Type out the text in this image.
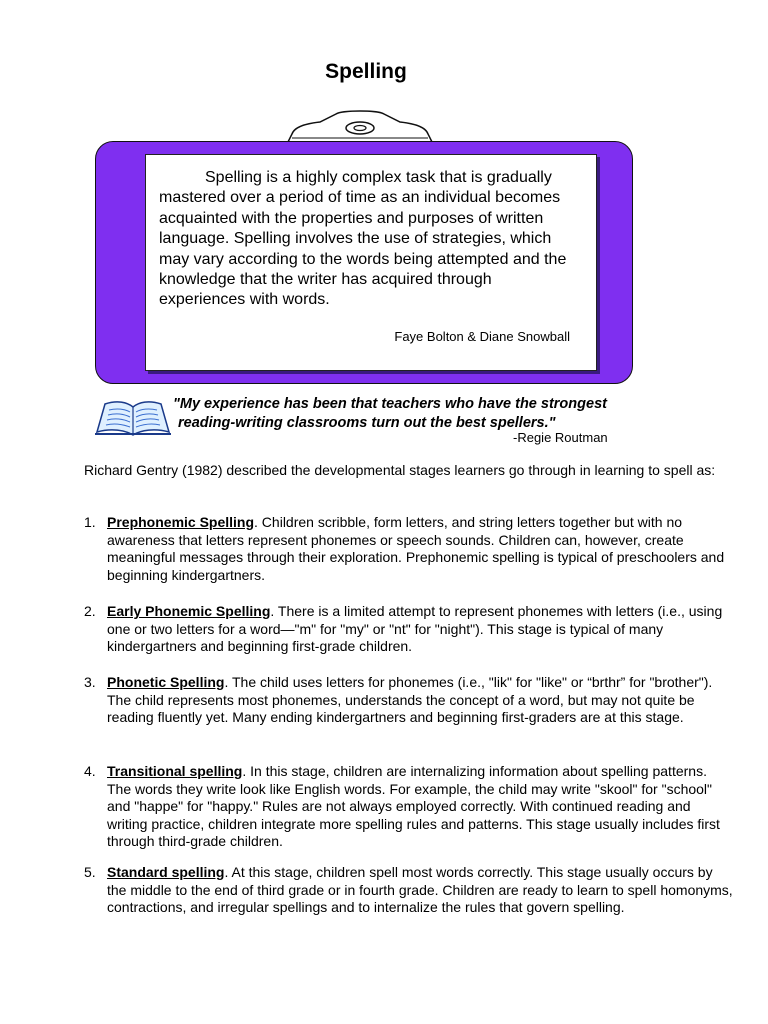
Spelling

Spelling is a highly complex task that is gradually mastered over a period of time as an individual becomes acquainted with the properties and purposes of written language. Spelling involves the use of strategies, which may vary according to the words being attempted and the knowledge that the writer has acquired through experiences with words.

Faye Bolton & Diane Snowball

"My experience has been that teachers who have the strongest
reading-writing classrooms turn out the best spellers."

-Regie Routman

Richard Gentry (1982) described the developmental stages learners go through in learning to spell as:

1. Prephonemic Spelling. Children scribble, form letters, and string letters together but with no awareness that letters represent phonemes or speech sounds. Children can, however, create meaningful messages through their exploration. Prephonemic spelling is typical of preschoolers and beginning kindergartners.
2. Early Phonemic Spelling. There is a limited attempt to represent phonemes with letters (i.e., using one or two letters for a word—"m" for "my" or "nt" for "night"). This stage is typical of many kindergartners and beginning first-grade children.
3. Phonetic Spelling. The child uses letters for phonemes (i.e., "lik" for "like" or “brthr” for "brother"). The child represents most phonemes, understands the concept of a word, but may not quite be reading fluently yet. Many ending kindergartners and beginning first-graders are at this stage.
4. Transitional spelling. In this stage, children are internalizing information about spelling patterns. The words they write look like English words. For example, the child may write "skool" for "school" and "happe" for "happy." Rules are not always employed correctly. With continued reading and writing practice, children integrate more spelling rules and patterns. This stage usually includes first through third-grade children.
5. Standard spelling. At this stage, children spell most words correctly. This stage usually occurs by the middle to the end of third grade or in fourth grade. Children are ready to learn to spell homonyms, contractions, and irregular spellings and to internalize the rules that govern spelling.
